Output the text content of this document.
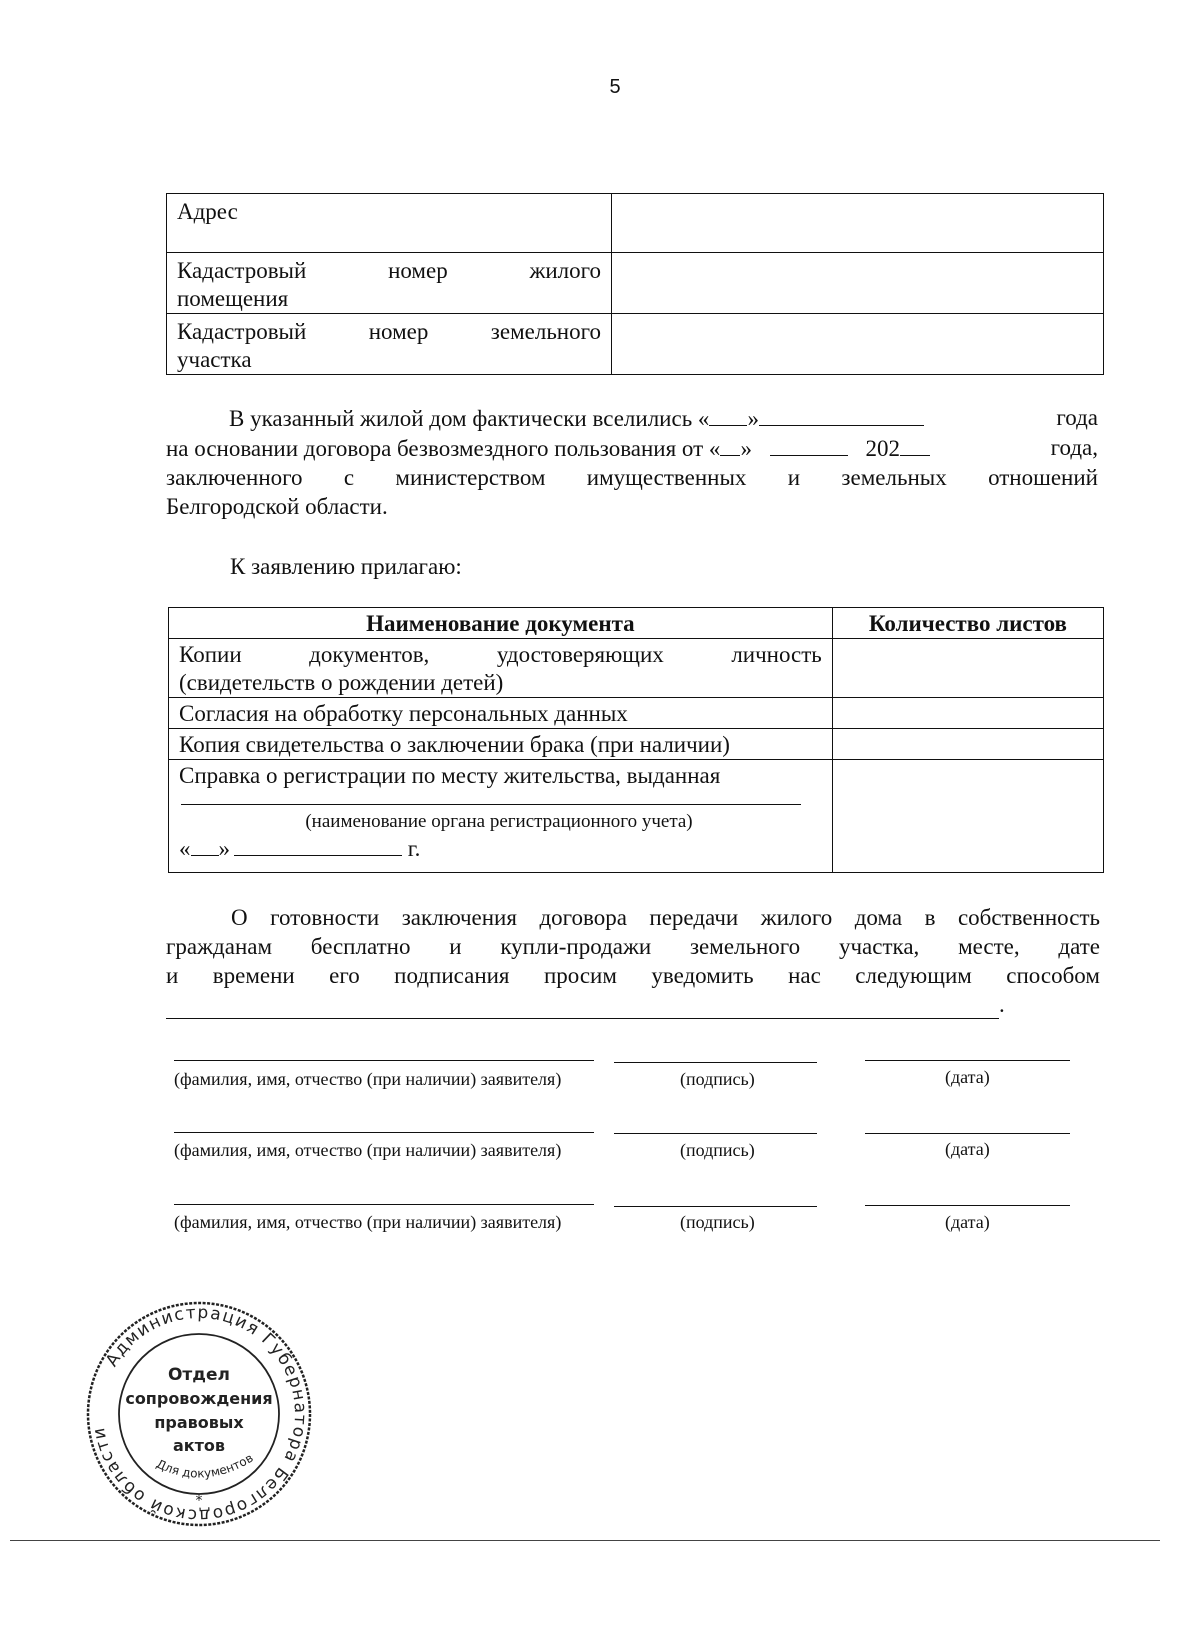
5
Адрес	

Кадастровый номер жилого
помещения	

Кадастровый номер земельного
участка	

В указанный жилой дом фактически вселились « »	года
на основании договора безвозмездного пользования от « »	202	года,
заключенного с министерством имущественных и земельных отношений
Белгородской области.
К заявлению прилагаю:
Наименование документа	Количество листов

Копии документов, удостоверяющих личность
(свидетельств о рождении детей)	

Согласия на обработку персональных данных	
Копия свидетельства о заключении брака (при наличии)	

Справка о регистрации по месту жительства, выданная
(наименование органа регистрационного учета)
« » г.	

О готовности заключения договора передачи жилого дома в собственность
гражданам бесплатно и купли-продажи земельного участка, месте, дате
и времени его подписания просим уведомить нас следующим способом
.
(фамилия, имя, отчество (при наличии) заявителя)	(подпись)	(дата)
(фамилия, имя, отчество (при наличии) заявителя)	(подпись)	(дата)
(фамилия, имя, отчество (при наличии) заявителя)	(подпись)	(дата)
Администрация Губернатора Белгородской области
Отдел
сопровождения
правовых
актов
Для документов
*
